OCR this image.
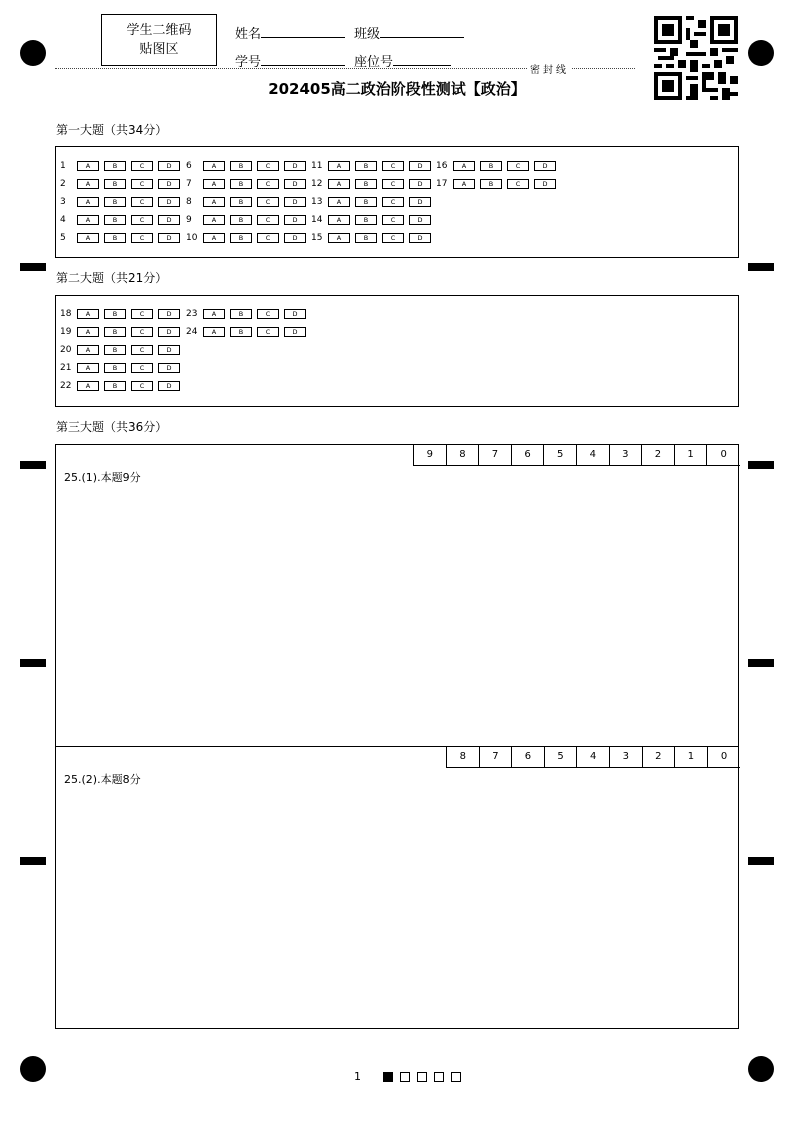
学生二维码
贴图区
姓名	班级
学号	座位号
密封线
202405高二政治阶段性测试【政治】
第一大题（共34分）
1	A	B	C	D
2	A	B	C	D
3	A	B	C	D
4	A	B	C	D
5	A	B	C	D
6	A	B	C	D
7	A	B	C	D
8	A	B	C	D
9	A	B	C	D
10	A	B	C	D
11	A	B	C	D
12	A	B	C	D
13	A	B	C	D
14	A	B	C	D
15	A	B	C	D
16	A	B	C	D
17	A	B	C	D
第二大题（共21分）
18	A	B	C	D
19	A	B	C	D
20	A	B	C	D
21	A	B	C	D
22	A	B	C	D
23	A	B	C	D
24	A	B	C	D
第三大题（共36分）
9	8	7	6	5	4	3	2	1	0
25.(1).本题9分
8	7	6	5	4	3	2	1	0
25.(2).本题8分
1
